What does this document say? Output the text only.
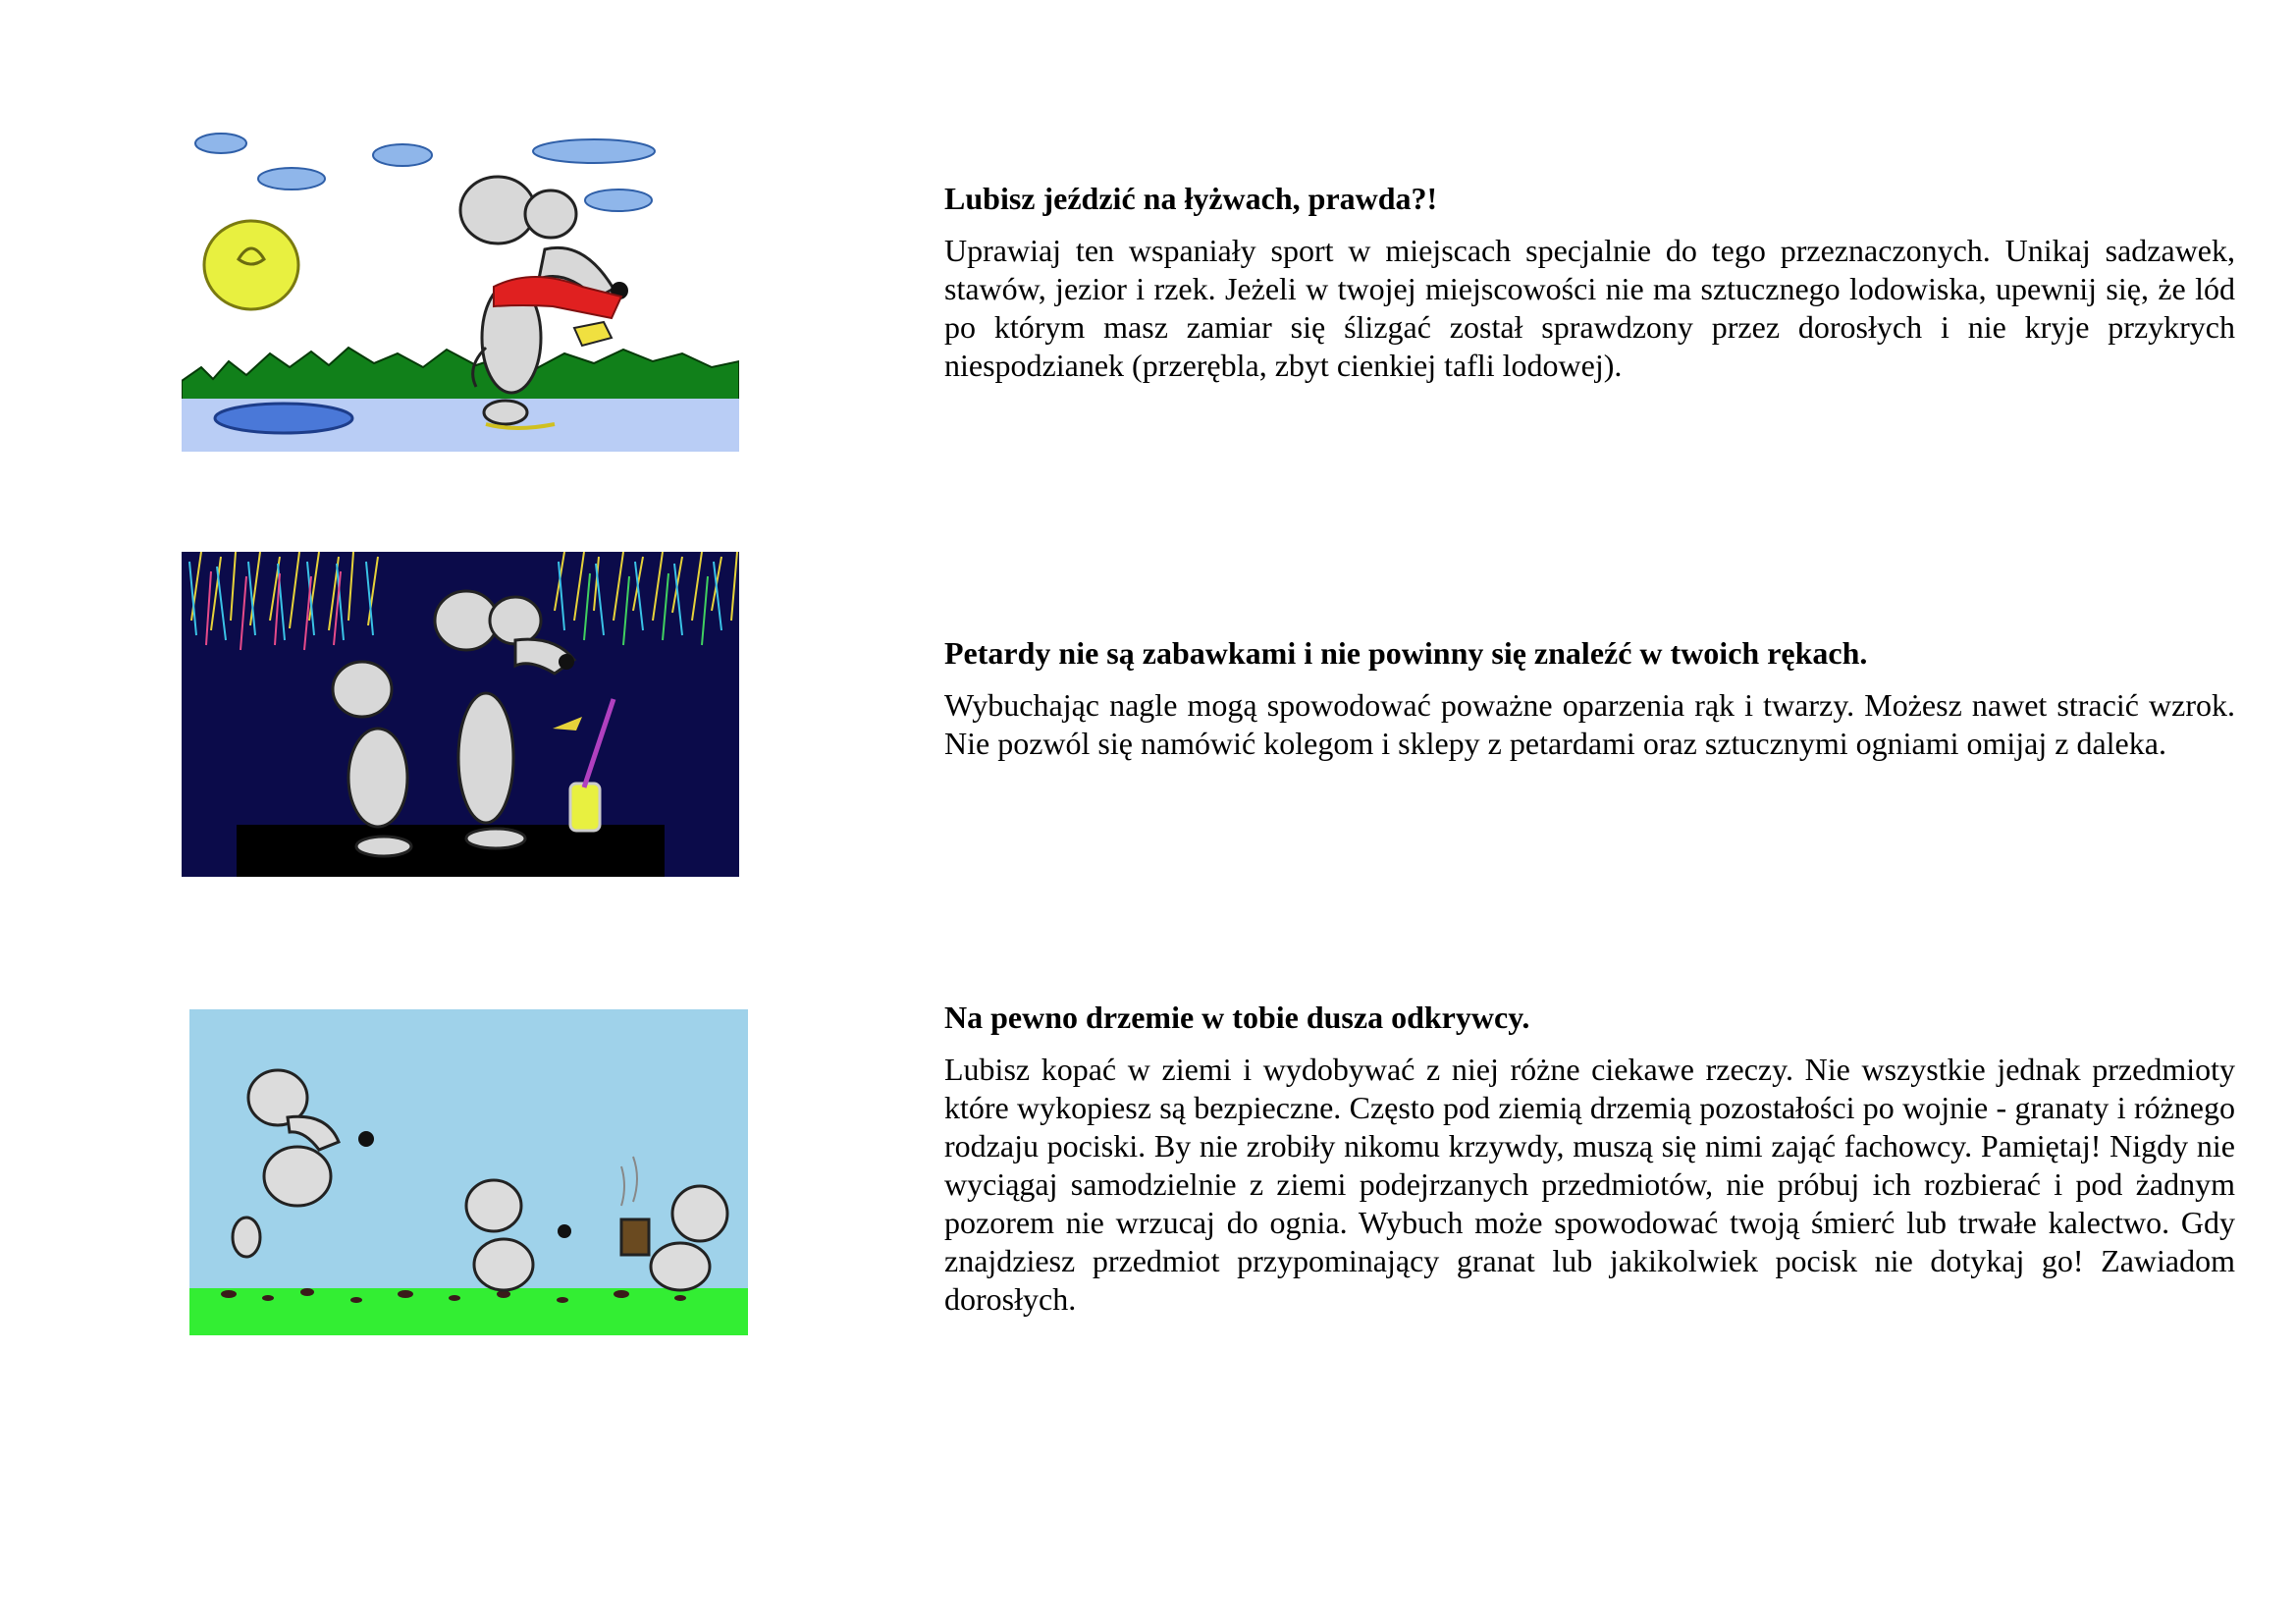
Lubisz jeździć na łyżwach, prawda?!

Uprawiaj ten wspaniały sport w miejscach specjalnie do tego przeznaczonych. Unikaj sadzawek, stawów, jezior i rzek. Jeżeli w twojej miejscowości nie ma sztucznego lodowiska, upewnij się, że lód po którym masz zamiar się ślizgać został sprawdzony przez dorosłych i nie kryje przykrych niespodzianek (przerębla, zbyt cienkiej tafli lodowej).

Petardy nie są zabawkami i nie powinny się znaleźć w twoich rękach.

Wybuchając nagle mogą spowodować poważne oparzenia rąk i twarzy. Możesz nawet stracić wzrok. Nie pozwól się namówić kolegom i sklepy z petardami oraz sztucznymi ogniami omijaj z daleka.

Na pewno drzemie w tobie dusza odkrywcy.

Lubisz kopać w ziemi i wydobywać z niej różne ciekawe rzeczy. Nie wszystkie jednak przedmioty które wykopiesz są bezpieczne. Często pod ziemią drzemią pozostałości po wojnie - granaty i różnego rodzaju pociski. By nie zrobiły nikomu krzywdy, muszą się nimi zająć fachowcy. Pamiętaj! Nigdy nie wyciągaj samodzielnie z ziemi podejrzanych przedmiotów, nie próbuj ich rozbierać i pod żadnym pozorem nie wrzucaj do ognia. Wybuch może spowodować twoją śmierć lub trwałe kalectwo. Gdy znajdziesz przedmiot przypominający granat lub jakikolwiek pocisk nie dotykaj go! Zawiadom dorosłych.
